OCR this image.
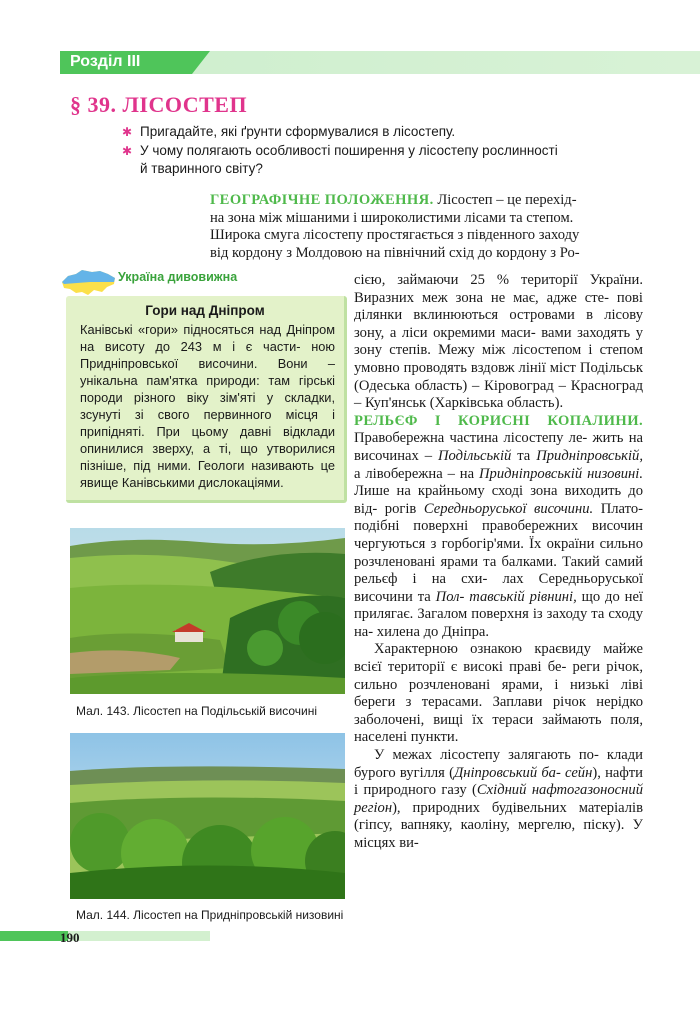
Розділ ІІІ
§ 39. ЛІСОСТЕП
✱ Пригадайте, які ґрунти сформувалися в лісостепу.
✱ У чому полягають особливості поширення у лісостепу рослинності
й тваринного світу?
ГЕОГРАФІЧНЕ ПОЛОЖЕННЯ. Лісостеп – це перехід-
на зона між мішаними і широколистими лісами та степом.
Широка смуга лісостепу простягається з південного заходу
від кордону з Молдовою на північний схід до кордону з Ро-

сією, займаючи 25 % території України. Виразних меж зона не має, адже сте- пові ділянки вклинюються островами в лісову зону, а ліси окремими маси- вами заходять у зону степів. Межу між лісостепом і степом умовно проводять вздовж лінії міст Подільськ (Одеська область) – Кіровоград – Красноград – Куп'янськ (Харківська область).

РЕЛЬЄФ І КОРИСНІ КОПАЛИНИ. Правобережна частина лісостепу ле- жить на височинах – Подільській та Придніпровській, а лівобережна – на Придніпровській низовині. Лише на крайньому сході зона виходить до від- рогів Середньоруської височини. Плато- подібні поверхні правобережних височин чергуються з горбогір'ями. Їх окраїни сильно розчленовані ярами та балками. Такий самий рельєф і на схи- лах Середньоруської височини та Пол- тавській рівнині, що до неї прилягає. Загалом поверхня із заходу та сходу на- хилена до Дніпра.

Характерною ознакою краєвиду майже всієї території є високі праві бе- реги річок, сильно розчленовані ярами, і низькі ліві береги з терасами. Заплави річок нерідко заболочені, вищі їх тераси займають поля, населені пункти.

У межах лісостепу залягають по- клади бурого вугілля (Дніпровський ба- сейн), нафти і природного газу (Східний нафтогазоносний регіон), природних будівельних матеріалів (гіпсу, вапняку, каоліну, мергелю, піску). У місцях ви-

Україна дивовижна
Гори над Дніпром
Канівські «гори» підносяться над Дніпром на висоту до 243 м і є части- ною Придніпровської височини. Вони – унікальна пам'ятка природи: там гірські породи різного віку зім'яті у складки, зсунуті зі свого первинного місця і припідняті. При цьому давні відклади опинилися зверху, а ті, що утворилися пізніше, під ними. Геологи називають це явище Канівськими дислокаціями.
Мал. 143. Лісостеп на Подільській височині
Мал. 144. Лісостеп на Придніпровській низовині
190
